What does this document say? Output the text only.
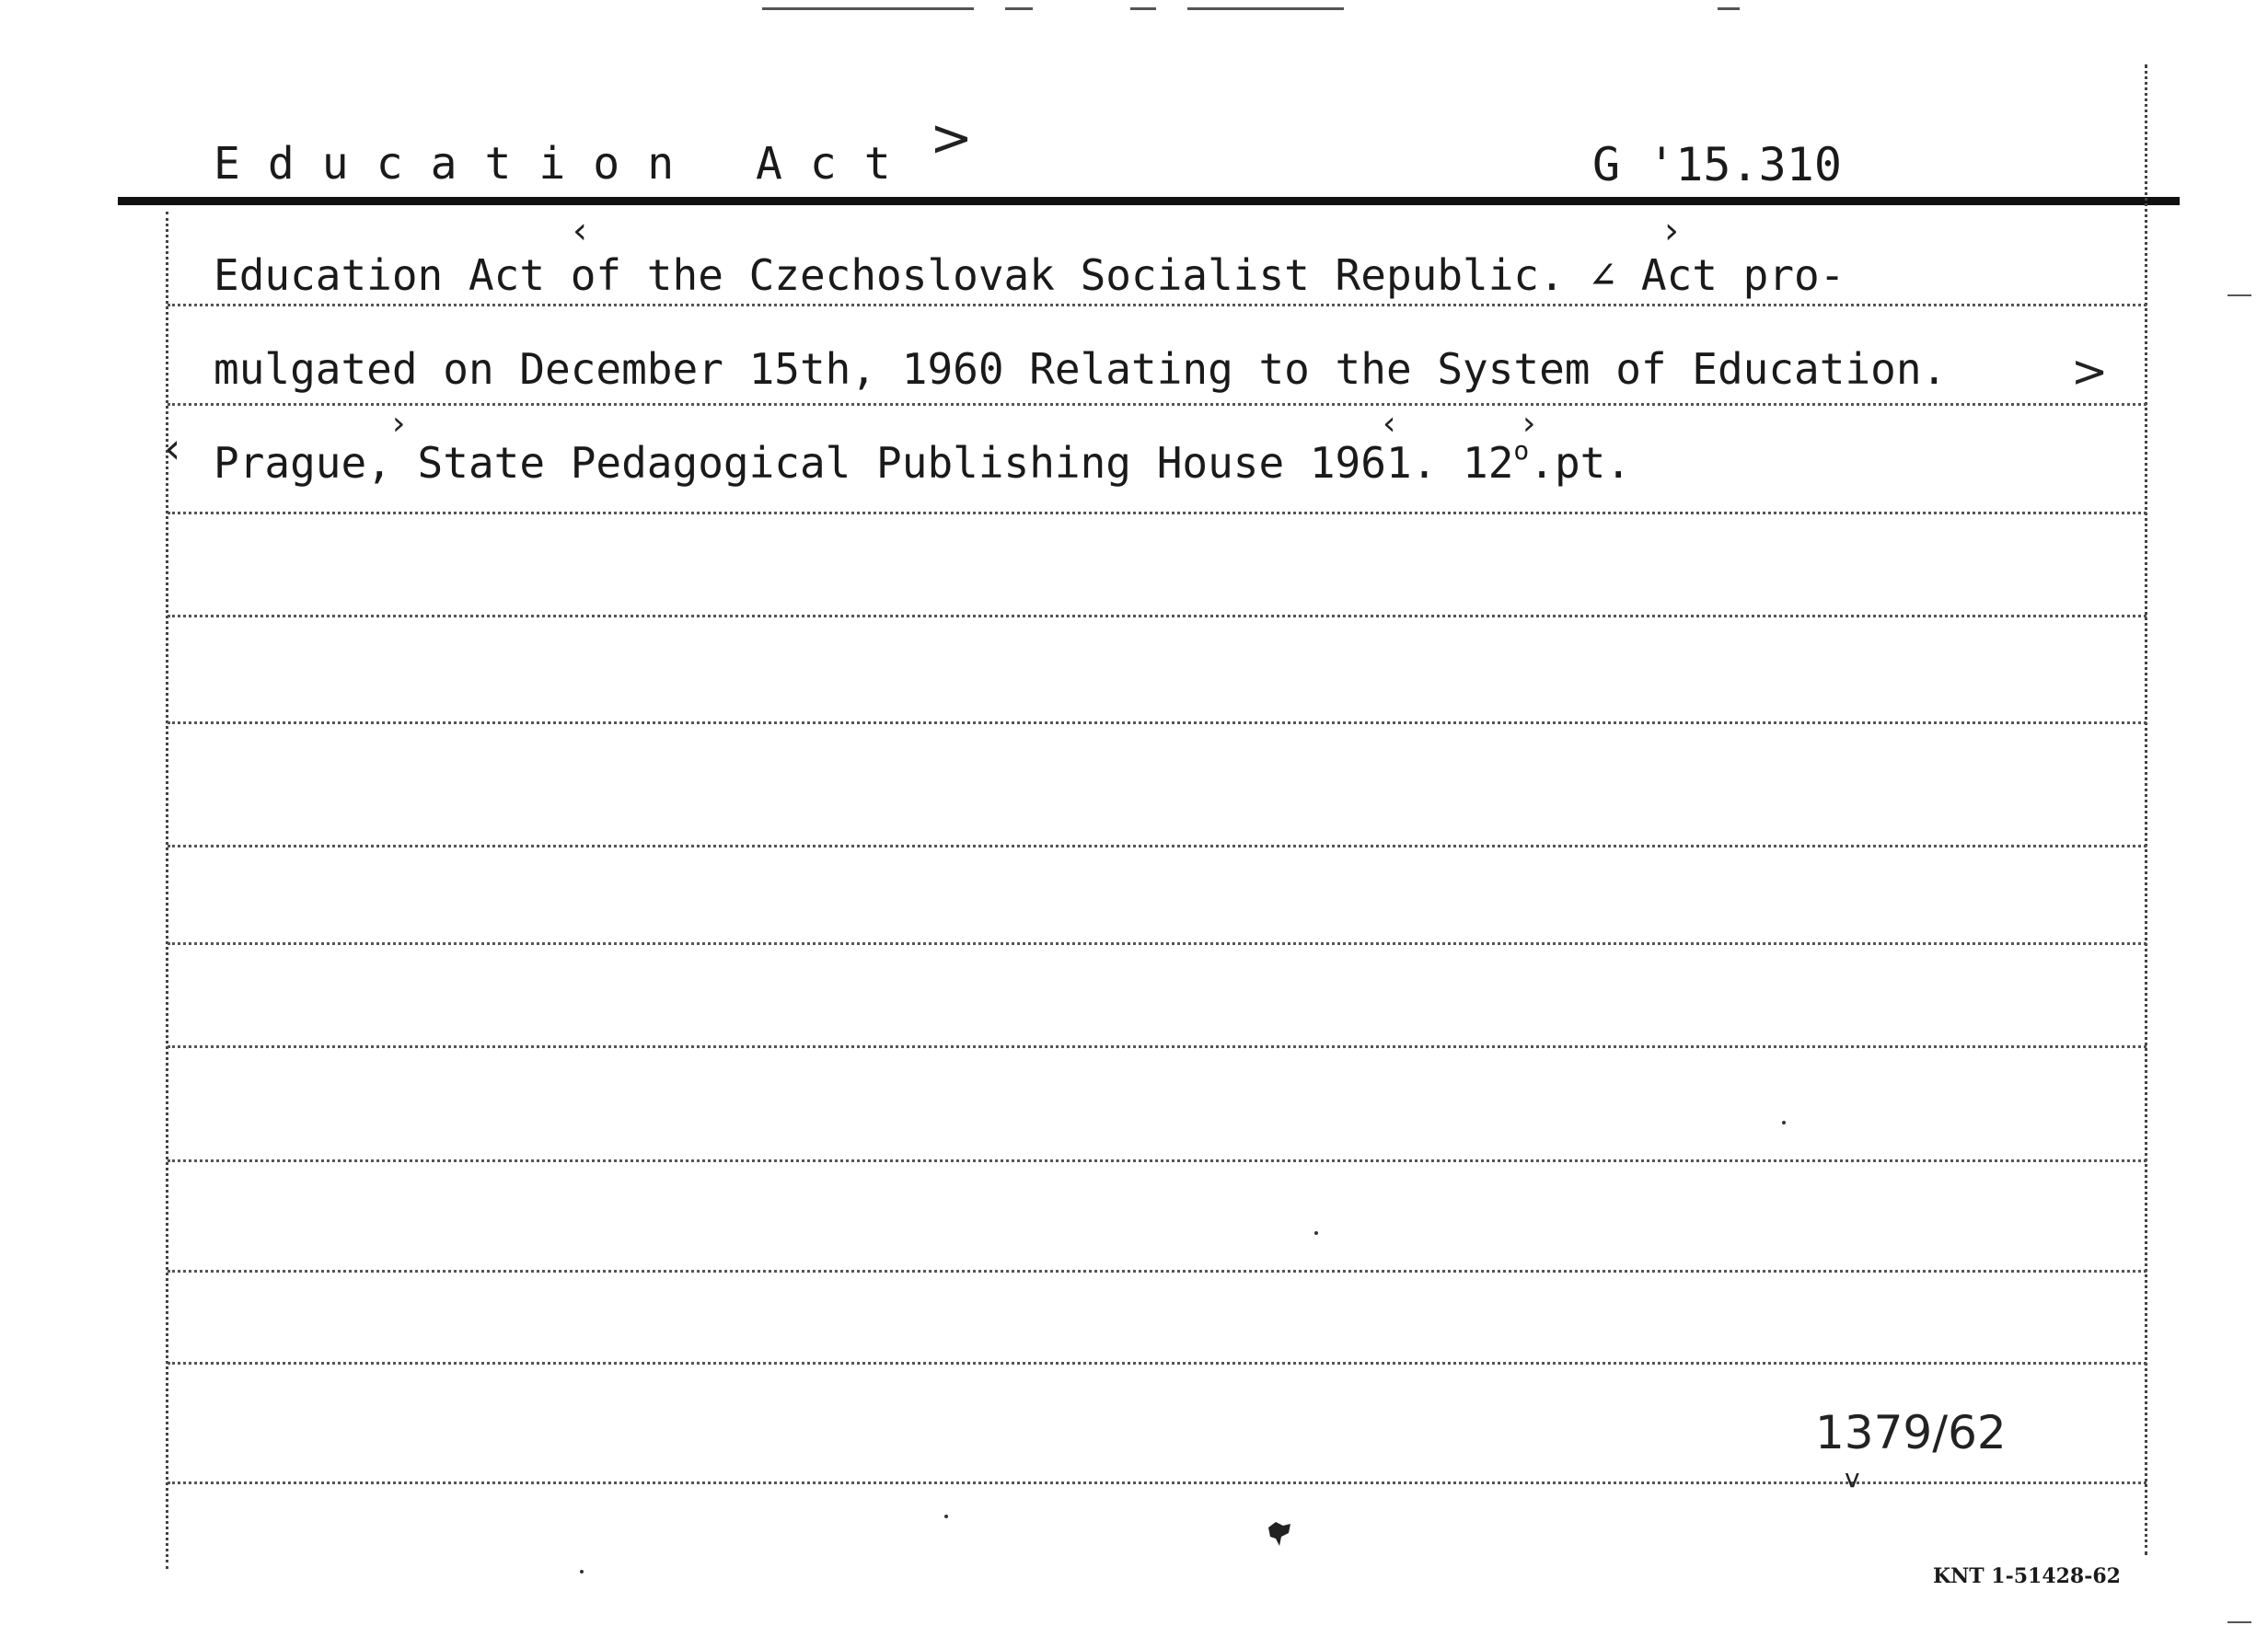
Education Act >	G '15.310
Education Act of the Czechoslovak Socialist Republic. ∠ Act pro-
mulgated on December 15th, 1960 Relating to the System of Education.
Prague, State Pedagogical Publishing House 1961. 12$^o$.pt.
‹	›
>
‹	›	‹	›
1379/62
v
KNT 1-51428-62
